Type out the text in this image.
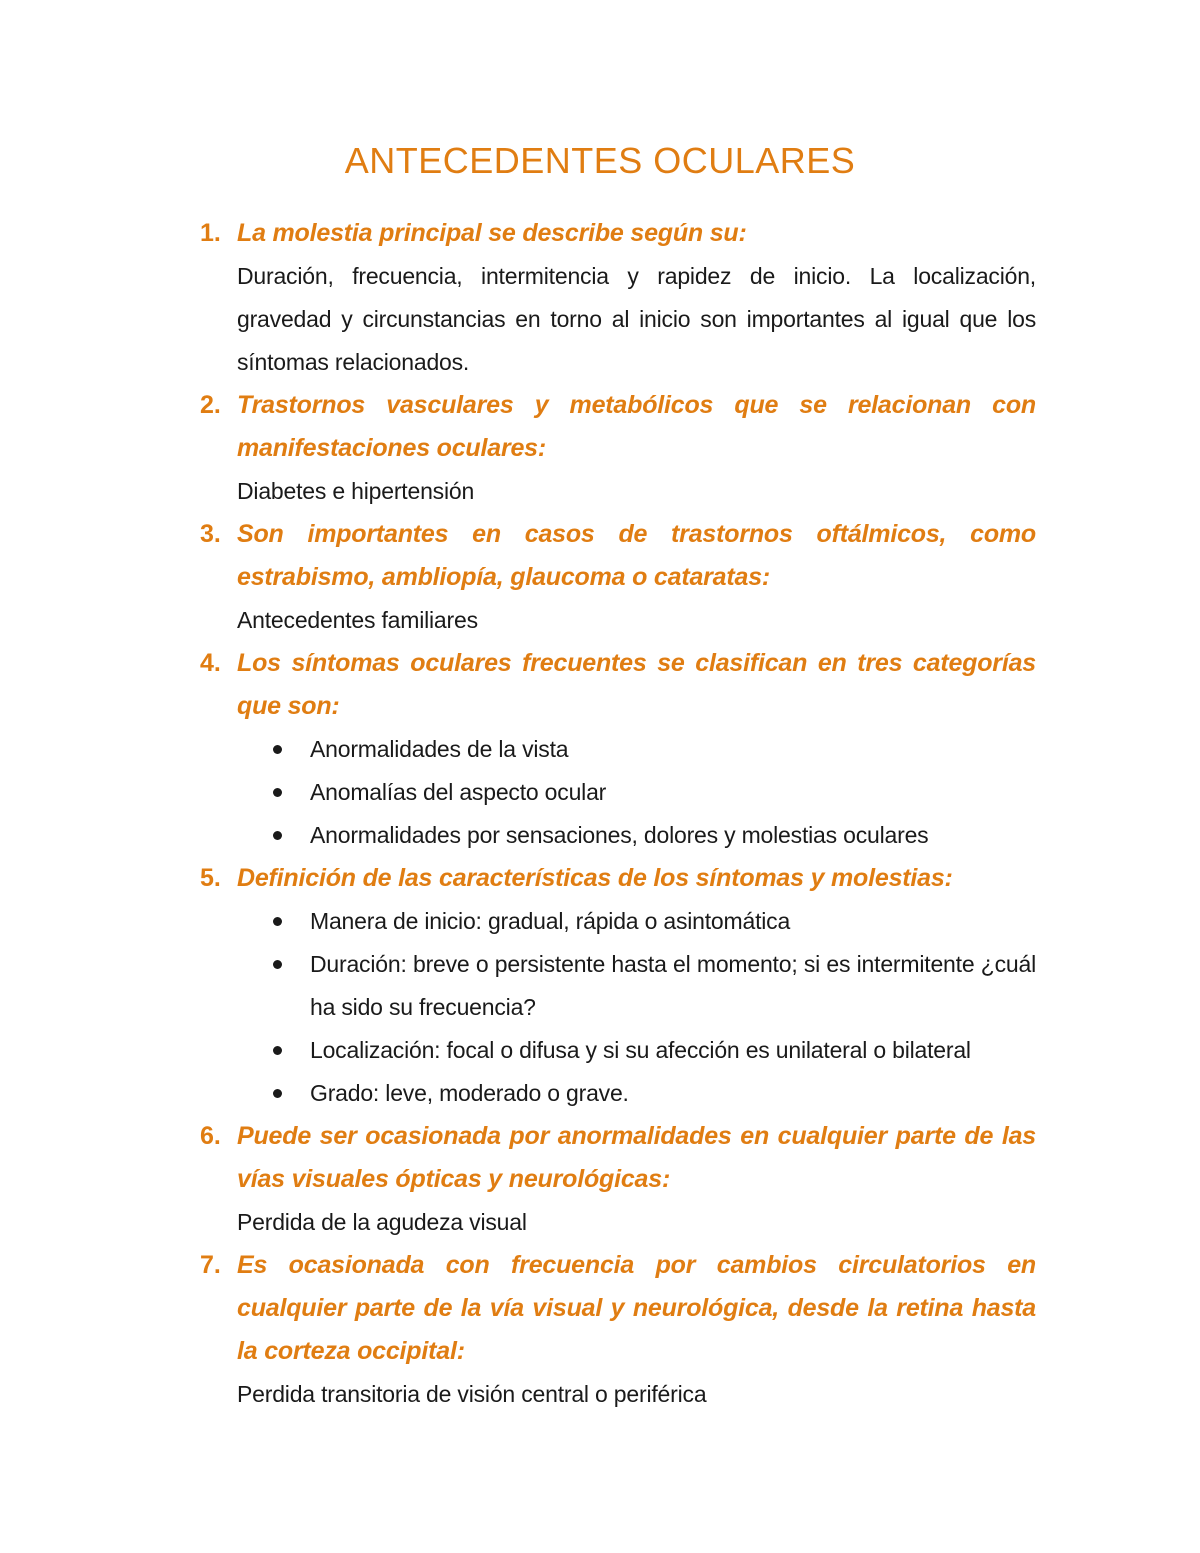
ANTECEDENTES OCULARES
1. La molestia principal se describe según su:
Duración, frecuencia, intermitencia y rapidez de inicio. La localización, gravedad y circunstancias en torno al inicio son importantes al igual que los síntomas relacionados.
2. Trastornos vasculares y metabólicos que se relacionan con manifestaciones oculares:
Diabetes e hipertensión
3. Son importantes en casos de trastornos oftálmicos, como estrabismo, ambliopía, glaucoma o cataratas:
Antecedentes familiares
4. Los síntomas oculares frecuentes se clasifican en tres categorías que son:
Anormalidades de la vista
Anomalías del aspecto ocular
Anormalidades por sensaciones, dolores y molestias oculares
5. Definición de las características de los síntomas y molestias:
Manera de inicio: gradual, rápida o asintomática
Duración: breve o persistente hasta el momento; si es intermitente ¿cuál ha sido su frecuencia?
Localización: focal o difusa y si su afección es unilateral o bilateral
Grado: leve, moderado o grave.
6. Puede ser ocasionada por anormalidades en cualquier parte de las vías visuales ópticas y neurológicas:
Perdida de la agudeza visual
7. Es ocasionada con frecuencia por cambios circulatorios en cualquier parte de la vía visual y neurológica, desde la retina hasta la corteza occipital:
Perdida transitoria de visión central o periférica
